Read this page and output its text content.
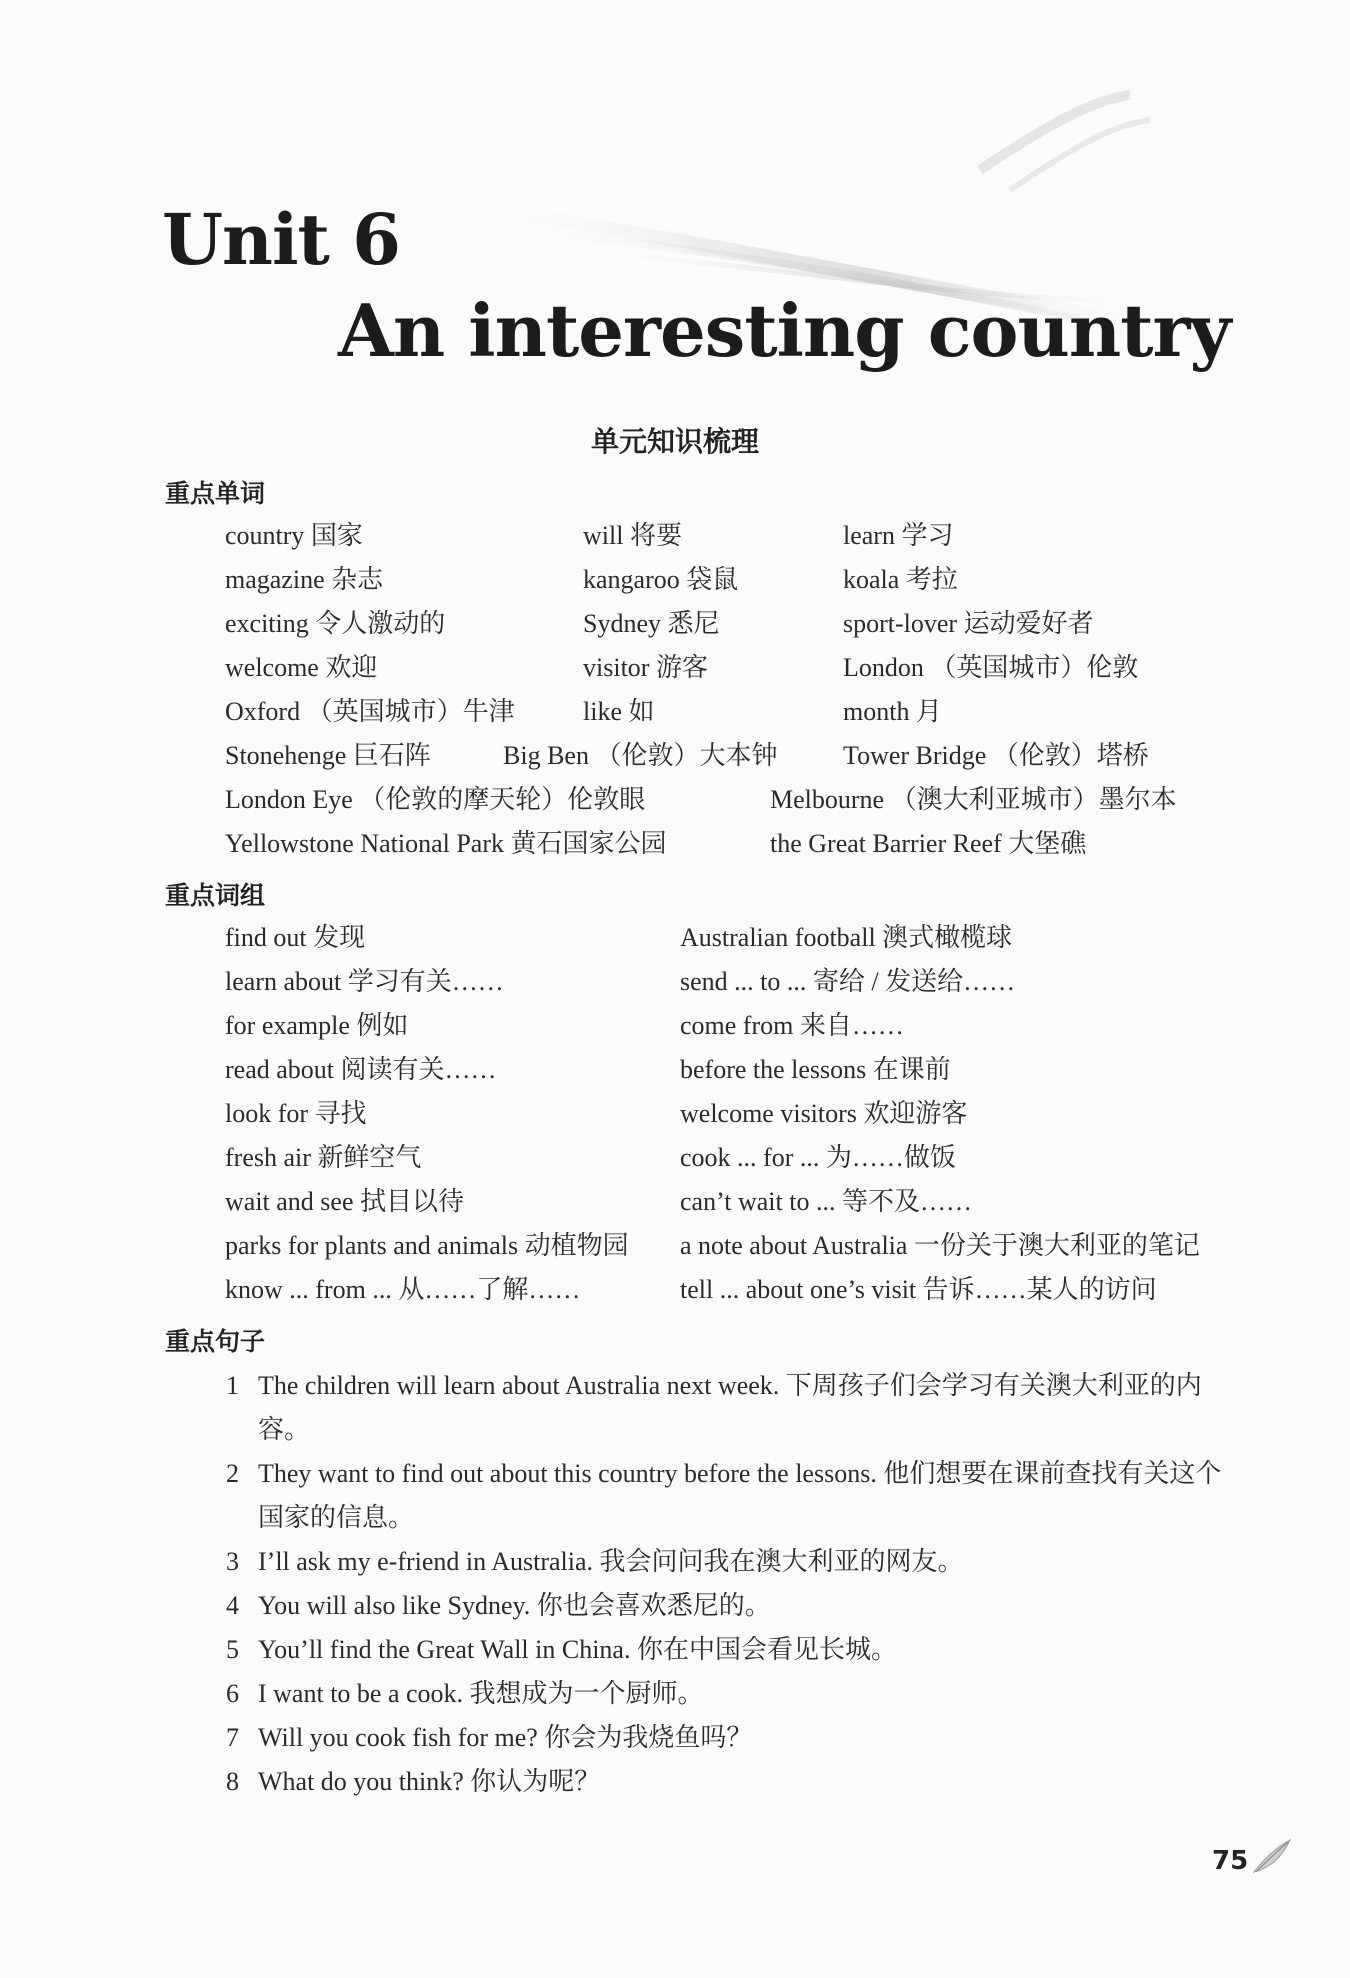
Unit 6
An interesting country
单元知识梳理
重点单词
country 国家	will 将要	learn 学习
magazine 杂志	kangaroo 袋鼠	koala 考拉
exciting 令人激动的	Sydney 悉尼	sport-lover 运动爱好者
welcome 欢迎	visitor 游客	London （英国城市）伦敦
Oxford （英国城市）牛津	like 如	month 月
Stonehenge 巨石阵	Big Ben （伦敦）大本钟	Tower Bridge （伦敦）塔桥
London Eye （伦敦的摩天轮）伦敦眼	Melbourne （澳大利亚城市）墨尔本
Yellowstone National Park 黄石国家公园	the Great Barrier Reef 大堡礁
重点词组
find out 发现	Australian football 澳式橄榄球
learn about 学习有关……	send ... to ... 寄给 / 发送给……
for example 例如	come from 来自……
read about 阅读有关……	before the lessons 在课前
look for 寻找	welcome visitors 欢迎游客
fresh air 新鲜空气	cook ... for ... 为……做饭
wait and see 拭目以待	can’t wait to ... 等不及……
parks for plants and animals 动植物园 a note about Australia 一份关于澳大利亚的笔记
know ... from ... 从……了解……	tell ... about one’s visit 告诉……某人的访问
重点句子
1 The children will learn about Australia next week. 下周孩子们会学习有关澳大利亚的内容。
2 They want to find out about this country before the lessons. 他们想要在课前查找有关这个国家的信息。
3 I’ll ask my e-friend in Australia. 我会问问我在澳大利亚的网友。
4 You will also like Sydney. 你也会喜欢悉尼的。
5 You’ll find the Great Wall in China. 你在中国会看见长城。
6 I want to be a cook. 我想成为一个厨师。
7 Will you cook fish for me? 你会为我烧鱼吗？
8 What do you think? 你认为呢？
75
